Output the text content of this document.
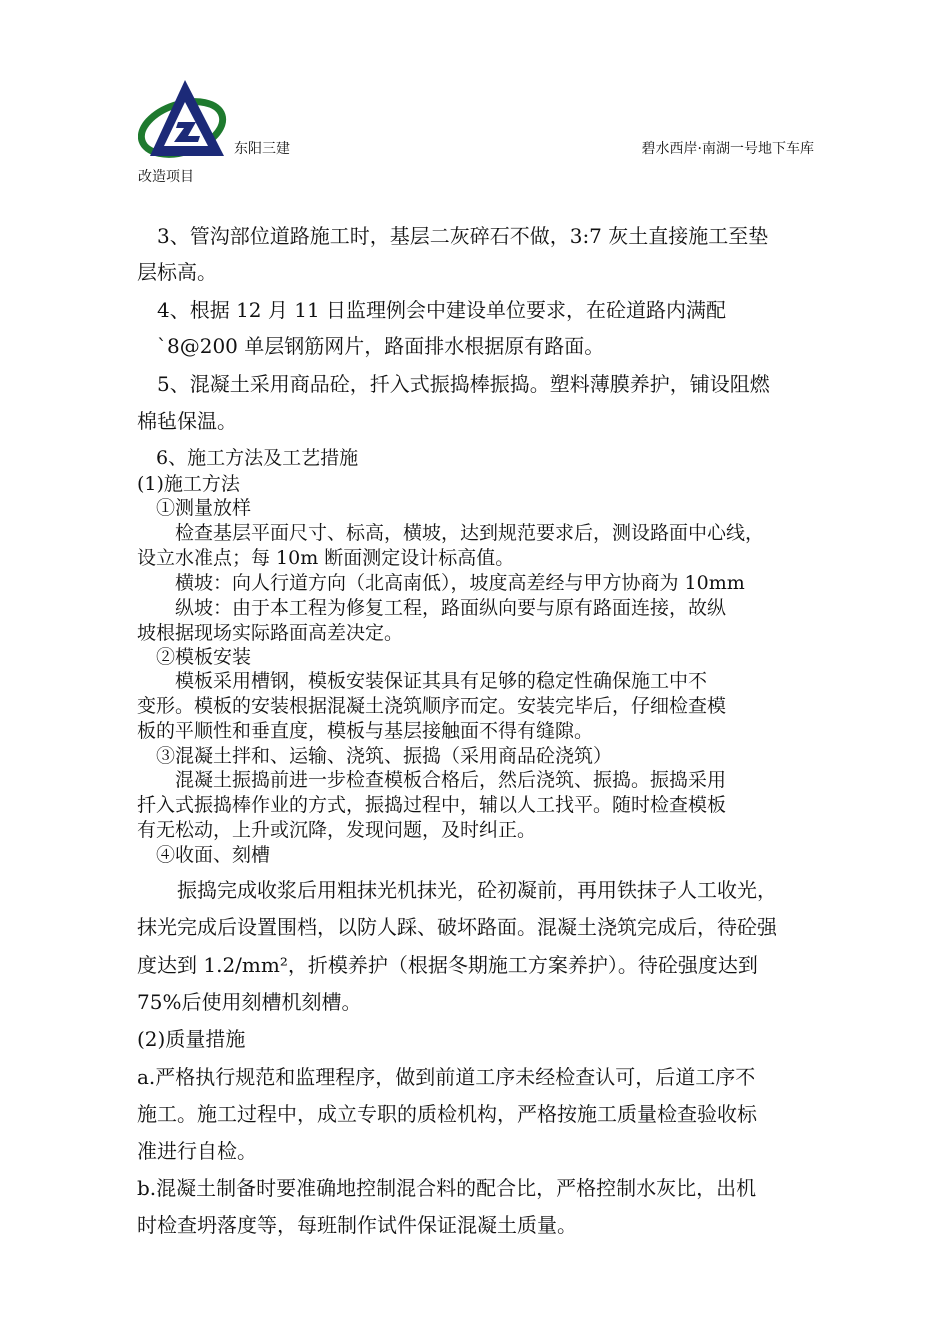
东阳三建	碧水西岸·南湖一号地下车库
改造项目
　3、管沟部位道路施工时，基层二灰碎石不做，3:7 灰土直接施工至垫
层标高。
　4、根据 12 月 11 日监理例会中建设单位要求，在砼道路内满配
　`8@200 单层钢筋网片，路面排水根据原有路面。
　5、混凝土采用商品砼，扦入式振捣棒振捣。塑料薄膜养护，铺设阻燃
棉毡保温。
　6、施工方法及工艺措施
(1)施工方法
　①测量放样
　　检查基层平面尺寸、标高，横坡，达到规范要求后，测设路面中心线，
设立水准点；每 10m 断面测定设计标高值。
　　横坡：向人行道方向（北高南低），坡度高差经与甲方协商为 10mm
　　纵坡：由于本工程为修复工程，路面纵向要与原有路面连接，故纵
坡根据现场实际路面高差决定。
　②模板安装
　　模板采用槽钢，模板安装保证其具有足够的稳定性确保施工中不
变形。模板的安装根据混凝土浇筑顺序而定。安装完毕后，仔细检查模
板的平顺性和垂直度，模板与基层接触面不得有缝隙。
　③混凝土拌和、运输、浇筑、振捣（采用商品砼浇筑）
　　混凝土振捣前进一步检查模板合格后，然后浇筑、振捣。振捣采用
扦入式振捣棒作业的方式，振捣过程中，辅以人工找平。随时检查模板
有无松动，上升或沉降，发现问题，及时纠正。
　④收面、刻槽
　　振捣完成收浆后用粗抹光机抹光，砼初凝前，再用铁抹子人工收光，
抹光完成后设置围档，以防人踩、破坏路面。混凝土浇筑完成后，待砼强
度达到 1.2/mm²，折模养护（根据冬期施工方案养护）。待砼强度达到
75%后使用刻槽机刻槽。
(2)质量措施
a.严格执行规范和监理程序，做到前道工序未经检查认可，后道工序不
施工。施工过程中，成立专职的质检机构，严格按施工质量检查验收标
准进行自检。
b.混凝土制备时要准确地控制混合料的配合比，严格控制水灰比，出机
时检查坍落度等，每班制作试件保证混凝土质量。
